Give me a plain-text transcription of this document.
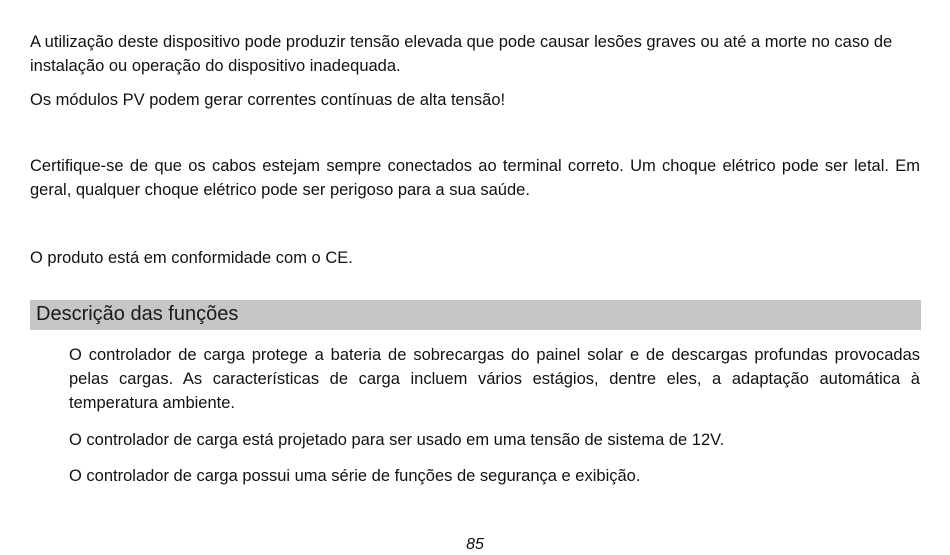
A utilização deste dispositivo pode produzir tensão elevada que pode causar lesões graves ou até a morte no caso de instalação ou operação do dispositivo inadequada.

Os módulos PV podem gerar correntes contínuas de alta tensão!

Certifique-se de que os cabos estejam sempre conectados ao terminal correto. Um choque elétrico pode ser letal. Em geral, qualquer choque elétrico pode ser perigoso para a sua saúde.

O produto está em conformidade com o CE.

Descrição das funções

O controlador de carga protege a bateria de sobrecargas do painel solar e de descargas profundas provocadas pelas cargas. As características de carga incluem vários estágios, dentre eles, a adaptação automática à temperatura ambiente.

O controlador de carga está projetado para ser usado em uma tensão de sistema de 12V.

O controlador de carga possui uma série de funções de segurança e exibição.

85
